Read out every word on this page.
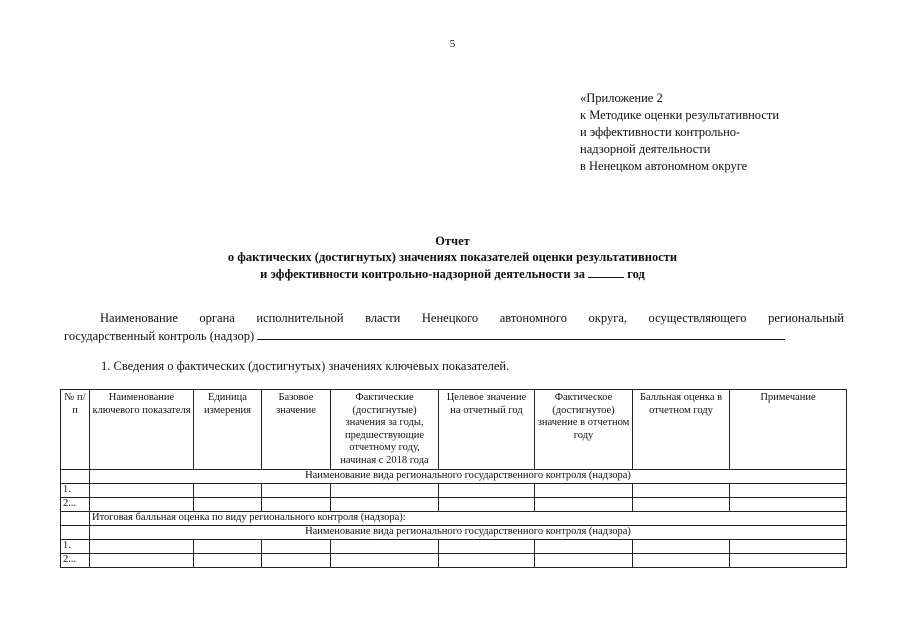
5
«Приложение 2
к Методике оценки результативности
и эффективности контрольно-
надзорной деятельности
в Ненецком автономном округе
Отчет
о фактических (достигнутых) значениях показателей оценки результативности
и эффективности контрольно-надзорной деятельности за	год
Наименование органа исполнительной власти Ненецкого автономного округа, осуществляющего региональный
государственный контроль (надзор)
1. Сведения о фактических (достигнутых) значениях ключевых показателей.
№ п/п	Наименование ключевого показателя	Единица измерения	Базовое значение	Фактические (достигнутые) значения за годы, предшествующие отчетному году, начиная с 2018 года	Целевое значение на отчетный год	Фактическое (достигнутое) значение в отчетном году	Балльная оценка в отчетном году	Примечание
	Наименование вида регионального государственного контроля (надзора)							
1.								
2...								
	Итоговая балльная оценка по виду регионального контроля (надзора):							
	Наименование вида регионального государственного контроля (надзора)							
1.								
2...								
